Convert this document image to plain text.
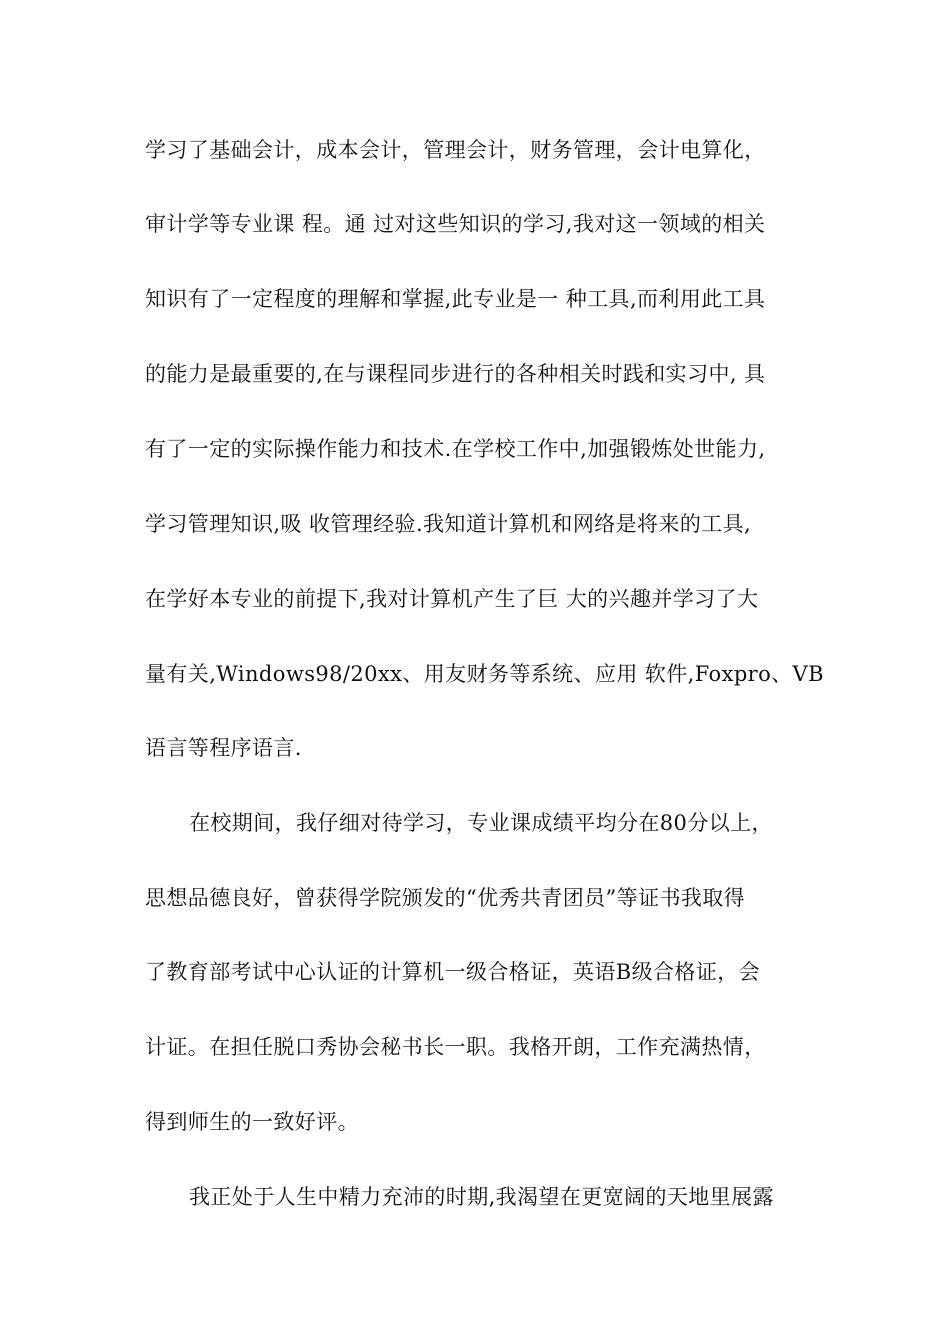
学习了基础会计，成本会计，管理会计，财务管理，会计电算化，

审计学等专业课 程。通 过对这些知识的学习,我对这一领域的相关

知识有了一定程度的理解和掌握,此专业是一 种工具,而利用此工具

的能力是最重要的,在与课程同步进行的各种相关时践和实习中, 具

有了一定的实际操作能力和技术.在学校工作中,加强锻炼处世能力,

学习管理知识,吸 收管理经验.我知道计算机和网络是将来的工具,

在学好本专业的前提下,我对计算机产生了巨 大的兴趣并学习了大

量有关,Windows98/20xx、用友财务等系统、应用 软件,Foxpro、VB

语言等程序语言.

在校期间，我仔细对待学习，专业课成绩平均分在80分以上，

思想品德良好，曾获得学院颁发的“优秀共青团员”等证书我取得

了教育部考试中心认证的计算机一级合格证，英语B级合格证，会

计证。在担任脱口秀协会秘书长一职。我格开朗，工作充满热情，

得到师生的一致好评。

我正处于人生中精力充沛的时期,我渴望在更宽阔的天地里展露
